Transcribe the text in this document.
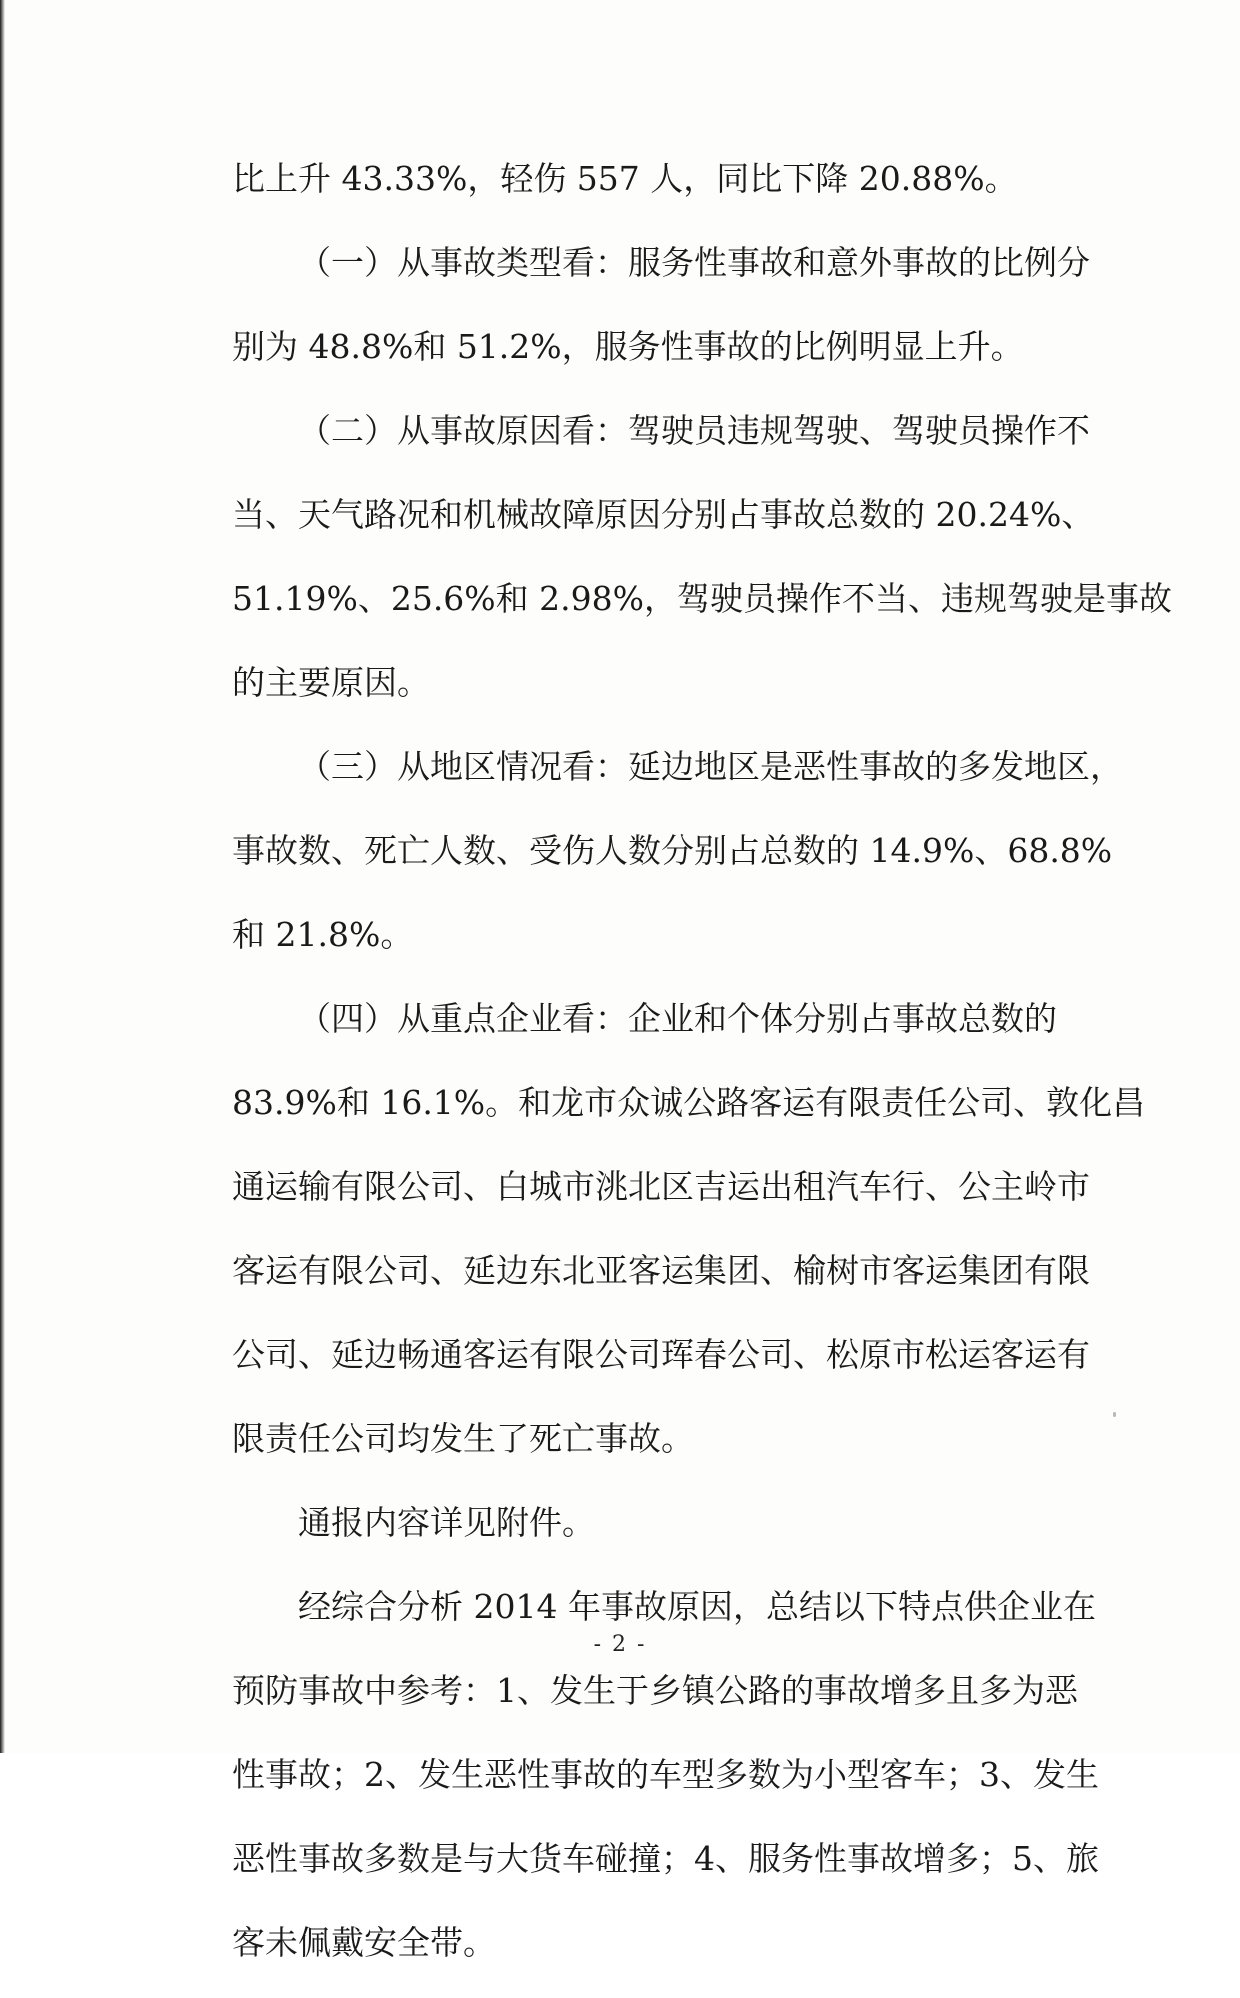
比上升 43.33%，轻伤 557 人，同比下降 20.88%。
（一）从事故类型看：服务性事故和意外事故的比例分
别为 48.8%和 51.2%，服务性事故的比例明显上升。
（二）从事故原因看：驾驶员违规驾驶、驾驶员操作不
当、天气路况和机械故障原因分别占事故总数的 20.24%、
51.19%、25.6%和 2.98%，驾驶员操作不当、违规驾驶是事故
的主要原因。
（三）从地区情况看：延边地区是恶性事故的多发地区，
事故数、死亡人数、受伤人数分别占总数的 14.9%、68.8%
和 21.8%。
（四）从重点企业看：企业和个体分别占事故总数的
83.9%和 16.1%。和龙市众诚公路客运有限责任公司、敦化昌
通运输有限公司、白城市洮北区吉运出租汽车行、公主岭市
客运有限公司、延边东北亚客运集团、榆树市客运集团有限
公司、延边畅通客运有限公司珲春公司、松原市松运客运有
限责任公司均发生了死亡事故。
通报内容详见附件。
经综合分析 2014 年事故原因，总结以下特点供企业在
预防事故中参考：1、发生于乡镇公路的事故增多且多为恶
性事故；2、发生恶性事故的车型多数为小型客车；3、发生
恶性事故多数是与大货车碰撞；4、服务性事故增多；5、旅
客未佩戴安全带。
- 2 -
